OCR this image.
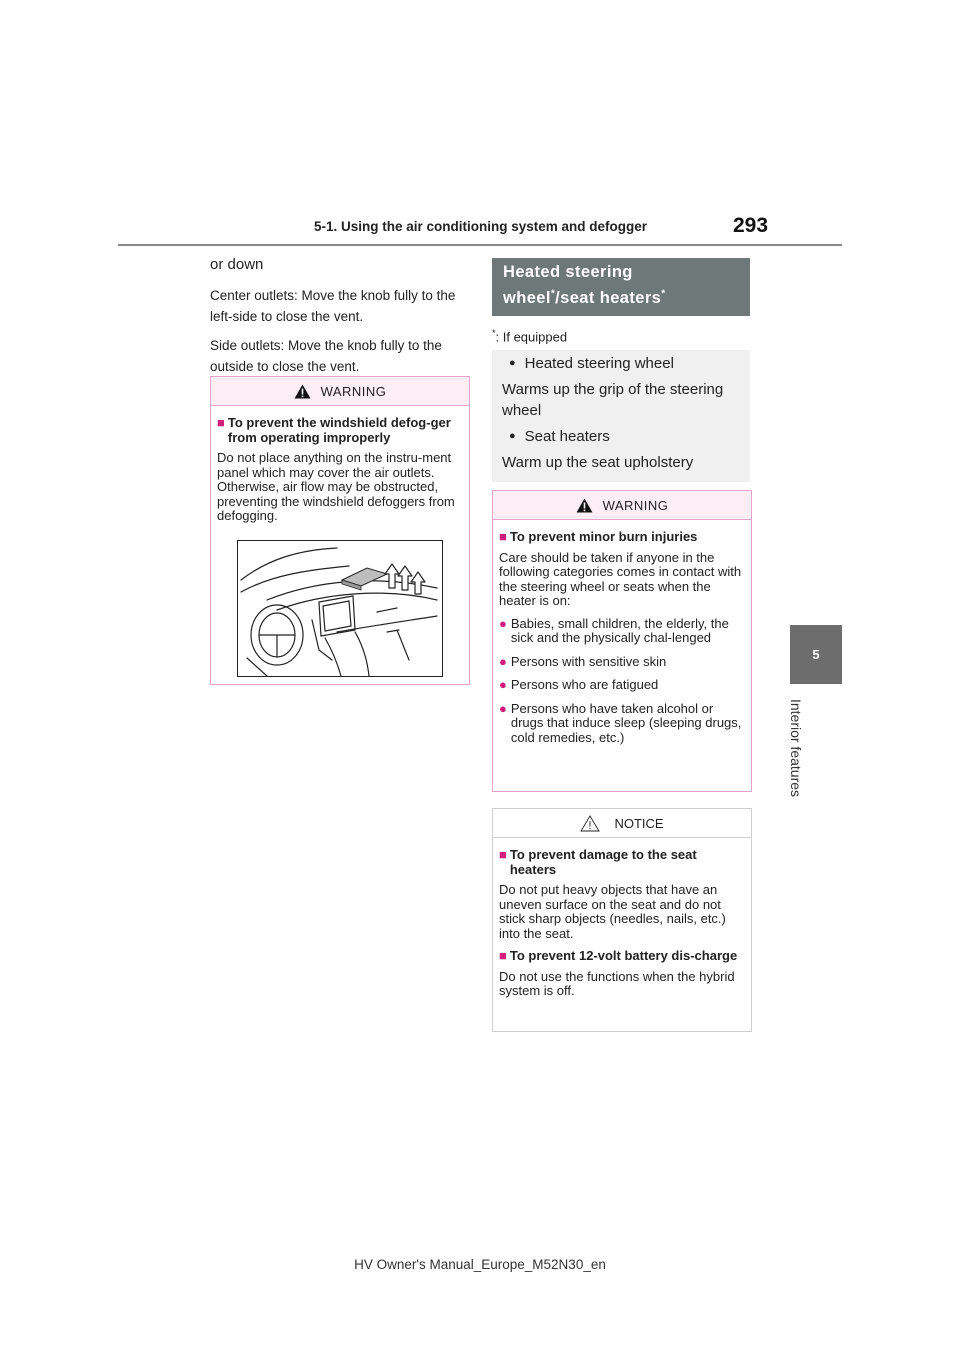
5-1. Using the air conditioning system and defogger	293
5
Interior features

or down

Center outlets: Move the knob fully to the left-side to close the vent.

Side outlets: Move the knob fully to the outside to close the vent.

WARNING
■ To prevent the windshield defog-ger from operating improperly

Do not place anything on the instru-ment panel which may cover the air outlets. Otherwise, air flow may be obstructed, preventing the windshield defoggers from defogging.

Heated steering
wheel*/seat heaters*
*: If equipped
● Heated steering wheel
Warms up the grip of the steering wheel
● Seat heaters
Warm up the seat upholstery
WARNING
■ To prevent minor burn injuries

Care should be taken if anyone in the following categories comes in contact with the steering wheel or seats when the heater is on:

● Babies, small children, the elderly, the sick and the physically chal-lenged
● Persons with sensitive skin
● Persons who are fatigued
● Persons who have taken alcohol or drugs that induce sleep (sleeping drugs, cold remedies, etc.)
NOTICE
■ To prevent damage to the seat heaters

Do not put heavy objects that have an uneven surface on the seat and do not stick sharp objects (needles, nails, etc.) into the seat.

■ To prevent 12-volt battery dis-charge

Do not use the functions when the hybrid system is off.

HV Owner's Manual_Europe_M52N30_en
